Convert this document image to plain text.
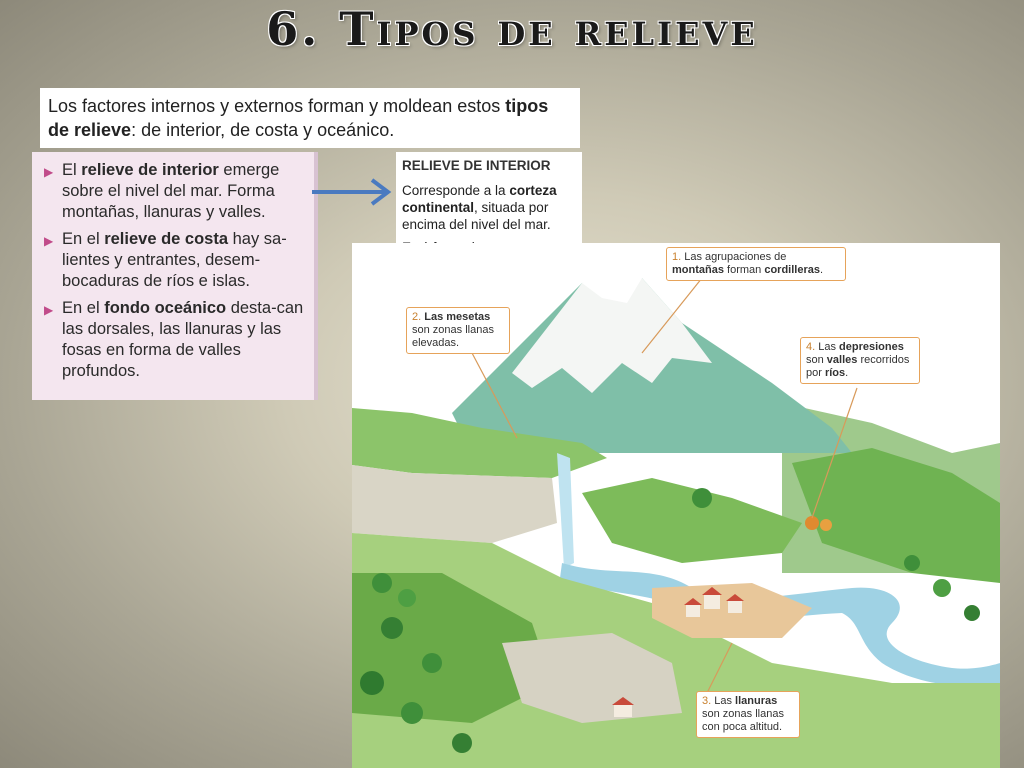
6. Tipos de relieve
Los factores internos y externos forman y moldean estos tipos de relieve: de interior, de costa y oceánico.
▶ El relieve de interior emerge sobre el nivel del mar. Forma montañas, llanuras y valles.
▶ En el relieve de costa hay sa-lientes y entrantes, desem-bocaduras de ríos e islas.
▶ En el fondo oceánico desta-can las dorsales, las llanuras y las fosas en forma de valles profundos.
RELIEVE DE INTERIOR

Corresponde a la corteza continental, situada por encima del nivel del mar.

1. Las agrupaciones de montañas forman cordilleras.
2. Las mesetas son zonas llanas elevadas.	4. Las depresiones son valles recorridos por ríos.
3. Las llanuras son zonas llanas con poca altitud.
